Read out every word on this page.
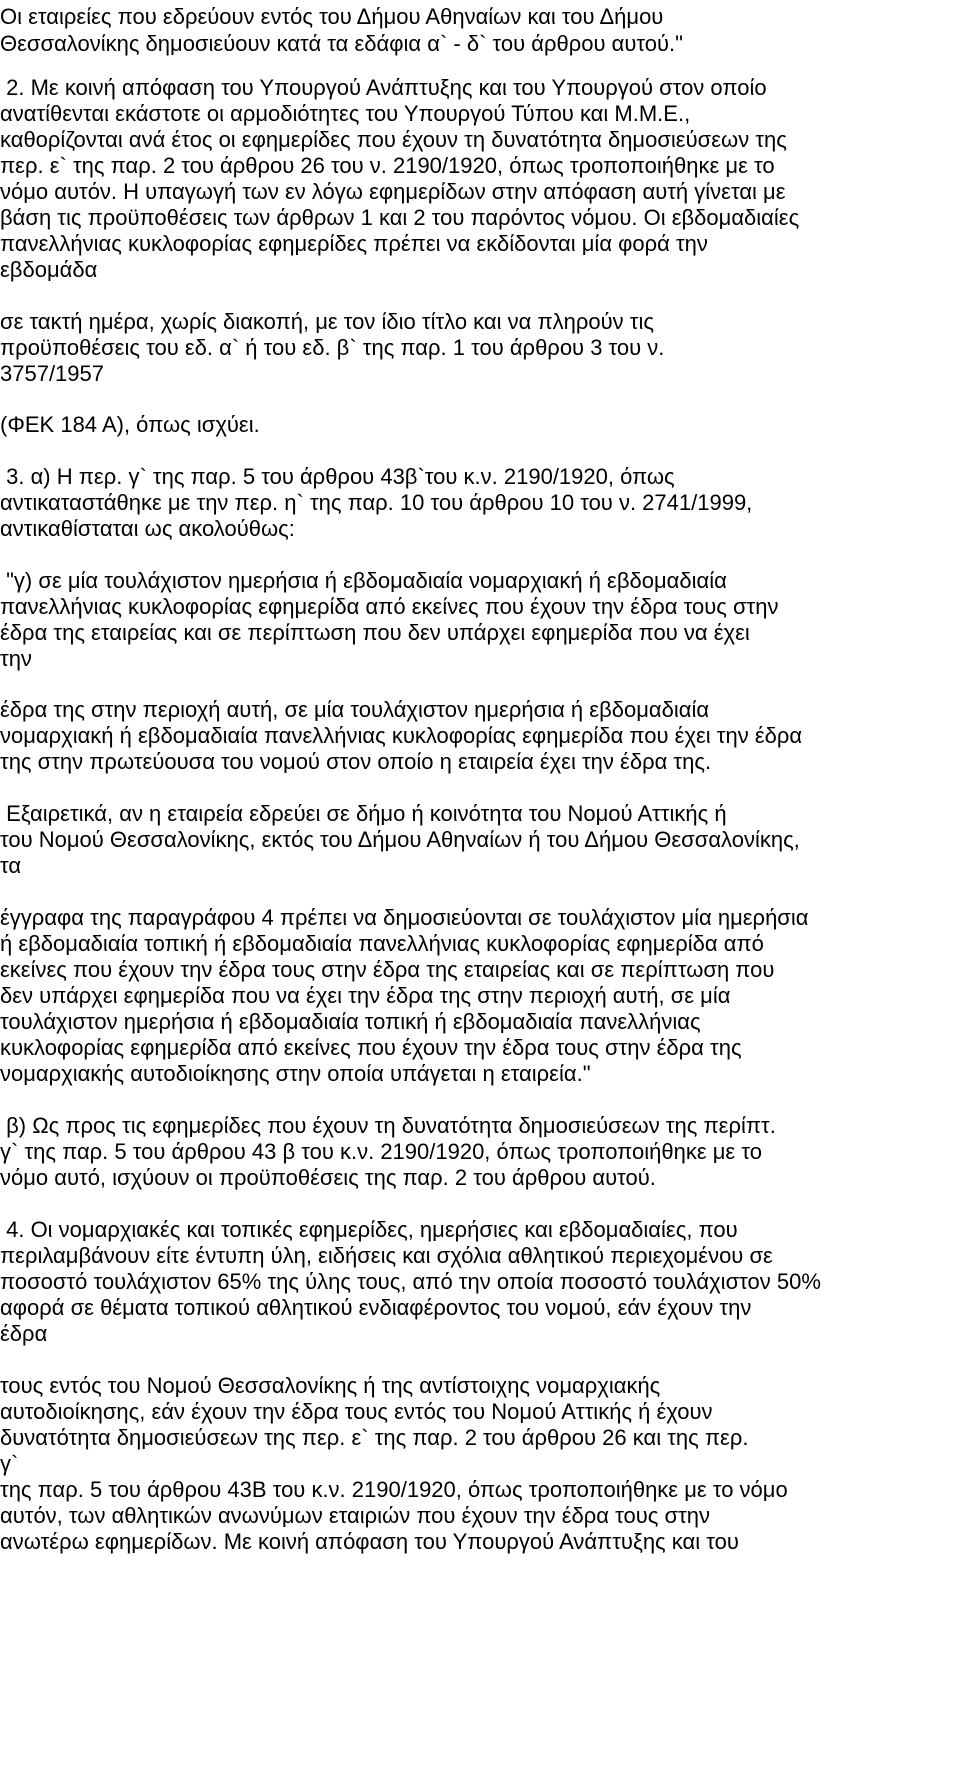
Οι εταιρείες που εδρεύουν εντός του Δήμου Αθηναίων και του Δήμου
Θεσσαλονίκης δημοσιεύουν κατά τα εδάφια α` - δ` του άρθρου αυτού."
2. Με κοινή απόφαση του Υπουργού Ανάπτυξης και του Υπουργού στον οποίο
ανατίθενται εκάστοτε οι αρμοδιότητες του Υπουργού Τύπου και Μ.Μ.Ε.,
καθορίζονται ανά έτος οι εφημερίδες που έχουν τη δυνατότητα δημοσιεύσεων της
περ. ε` της παρ. 2 του άρθρου 26 του ν. 2190/1920, όπως τροποποιήθηκε με το
νόμο αυτόν. Η υπαγωγή των εν λόγω εφημερίδων στην απόφαση αυτή γίνεται με
βάση τις προϋποθέσεις των άρθρων 1 και 2 του παρόντος νόμου. Οι εβδομαδιαίες
πανελλήνιας κυκλοφορίας εφημερίδες πρέπει να εκδίδονται μία φορά την
εβδομάδα
σε τακτή ημέρα, χωρίς διακοπή, με τον ίδιο τίτλο και να πληρούν τις
προϋποθέσεις του εδ. α` ή του εδ. β` της παρ. 1 του άρθρου 3 του ν.
3757/1957
(ΦΕΚ 184 Α), όπως ισχύει.
3. α) Η περ. γ` της παρ. 5 του άρθρου 43β`του κ.ν. 2190/1920, όπως
αντικαταστάθηκε με την περ. η` της παρ. 10 του άρθρου 10 του ν. 2741/1999,
αντικαθίσταται ως ακολούθως:
"γ) σε μία τουλάχιστον ημερήσια ή εβδομαδιαία νομαρχιακή ή εβδομαδιαία
πανελλήνιας κυκλοφορίας εφημερίδα από εκείνες που έχουν την έδρα τους στην
έδρα της εταιρείας και σε περίπτωση που δεν υπάρχει εφημερίδα που να έχει
την
έδρα της στην περιοχή αυτή, σε μία τουλάχιστον ημερήσια ή εβδομαδιαία
νομαρχιακή ή εβδομαδιαία πανελλήνιας κυκλοφορίας εφημερίδα που έχει την έδρα
της στην πρωτεύουσα του νομού στον οποίο η εταιρεία έχει την έδρα της.
Εξαιρετικά, αν η εταιρεία εδρεύει σε δήμο ή κοινότητα του Νομού Αττικής ή
του Νομού Θεσσαλονίκης, εκτός του Δήμου Αθηναίων ή του Δήμου Θεσσαλονίκης,
τα
έγγραφα της παραγράφου 4 πρέπει να δημοσιεύονται σε τουλάχιστον μία ημερήσια
ή εβδομαδιαία τοπική ή εβδομαδιαία πανελλήνιας κυκλοφορίας εφημερίδα από
εκείνες που έχουν την έδρα τους στην έδρα της εταιρείας και σε περίπτωση που
δεν υπάρχει εφημερίδα που να έχει την έδρα της στην περιοχή αυτή, σε μία
τουλάχιστον ημερήσια ή εβδομαδιαία τοπική ή εβδομαδιαία πανελλήνιας
κυκλοφορίας εφημερίδα από εκείνες που έχουν την έδρα τους στην έδρα της
νομαρχιακής αυτοδιοίκησης στην οποία υπάγεται η εταιρεία."
β) Ως προς τις εφημερίδες που έχουν τη δυνατότητα δημοσιεύσεων της περίπτ.
γ` της παρ. 5 του άρθρου 43 β του κ.ν. 2190/1920, όπως τροποποιήθηκε με το
νόμο αυτό, ισχύουν οι προϋποθέσεις της παρ. 2 του άρθρου αυτού.
4. Οι νομαρχιακές και τοπικές εφημερίδες, ημερήσιες και εβδομαδιαίες, που
περιλαμβάνουν είτε έντυπη ύλη, ειδήσεις και σχόλια αθλητικού περιεχομένου σε
ποσοστό τουλάχιστον 65% της ύλης τους, από την οποία ποσοστό τουλάχιστον 50%
αφορά σε θέματα τοπικού αθλητικού ενδιαφέροντος του νομού, εάν έχουν την
έδρα
τους εντός του Νομού Θεσσαλονίκης ή της αντίστοιχης νομαρχιακής
αυτοδιοίκησης, εάν έχουν την έδρα τους εντός του Νομού Αττικής ή έχουν
δυνατότητα δημοσιεύσεων της περ. ε` της παρ. 2 του άρθρου 26 και της περ.
γ`
της παρ. 5 του άρθρου 43Β του κ.ν. 2190/1920, όπως τροποποιήθηκε με το νόμο
αυτόν, των αθλητικών ανωνύμων εταιριών που έχουν την έδρα τους στην
ανωτέρω εφημερίδων. Με κοινή απόφαση του Υπουργού Ανάπτυξης και του
